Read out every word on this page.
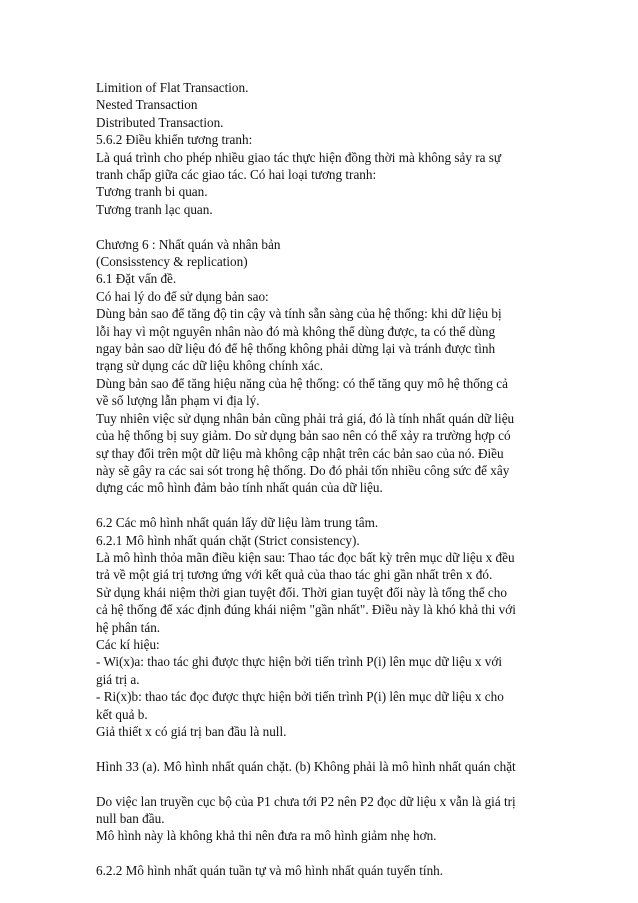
Limition of Flat Transaction.
Nested Transaction
Distributed Transaction.
5.6.2 Điều khiển tương tranh:
Là quá trình cho phép nhiều giao tác thực hiện đồng thời mà không sảy ra sự
tranh chấp giữa các giao tác. Có hai loại tương tranh:
Tương tranh bi quan.
Tương tranh lạc quan.
Chương 6 : Nhất quán và nhân bản
(Consisstency & replication)
6.1 Đặt vấn đề.
Có hai lý do để sử dụng bản sao:
Dùng bản sao để tăng độ tin cậy và tính sẵn sàng của hệ thống: khi dữ liệu bị
lỗi hay vì một nguyên nhân nào đó mà không thể dùng được, ta có thể dùng
ngay bản sao dữ liệu đó để hệ thống không phải dừng lại và tránh được tình
trạng sử dụng các dữ liệu không chính xác.
Dùng bản sao để tăng hiệu năng của hệ thống: có thể tăng quy mô hệ thống cả
về số lượng lẫn phạm vi địa lý.
Tuy nhiên việc sử dụng nhân bản cũng phải trả giá, đó là tính nhất quán dữ liệu
của hệ thống bị suy giảm. Do sử dụng bản sao nên có thể xảy ra trường hợp có
sự thay đổi trên một dữ liệu mà không cập nhật trên các bản sao của nó. Điều
này sẽ gây ra các sai sót trong hệ thống. Do đó phải tốn nhiều công sức để xây
dựng các mô hình đảm bảo tính nhất quán của dữ liệu.
6.2 Các mô hình nhất quán lấy dữ liệu làm trung tâm.
6.2.1 Mô hình nhất quán chặt (Strict consistency).
Là mô hình thỏa mãn điều kiện sau: Thao tác đọc bất kỳ trên mục dữ liệu x đều
trả về một giá trị tương ứng với kết quả của thao tác ghi gần nhất trên x đó.
Sử dụng khái niệm thời gian tuyệt đối. Thời gian tuyệt đối này là tổng thể cho
cả hệ thống để xác định đúng khái niệm "gần nhất". Điều này là khó khả thi với
hệ phân tán.
Các kí hiệu:
- Wi(x)a: thao tác ghi được thực hiện bởi tiến trình P(i) lên mục dữ liệu x với
giá trị a.
- Ri(x)b: thao tác đọc được thực hiện bởi tiến trình P(i) lên mục dữ liệu x cho
kết quả b.
Giả thiết x có giá trị ban đầu là null.
Hình 33 (a). Mô hình nhất quán chặt. (b) Không phải là mô hình nhất quán chặt
Do việc lan truyền cục bộ của P1 chưa tới P2 nên P2 đọc dữ liệu x vẫn là giá trị
null ban đầu.
Mô hình này là không khả thi nên đưa ra mô hình giảm nhẹ hơn.
6.2.2 Mô hình nhất quán tuần tự và mô hình nhất quán tuyến tính.
